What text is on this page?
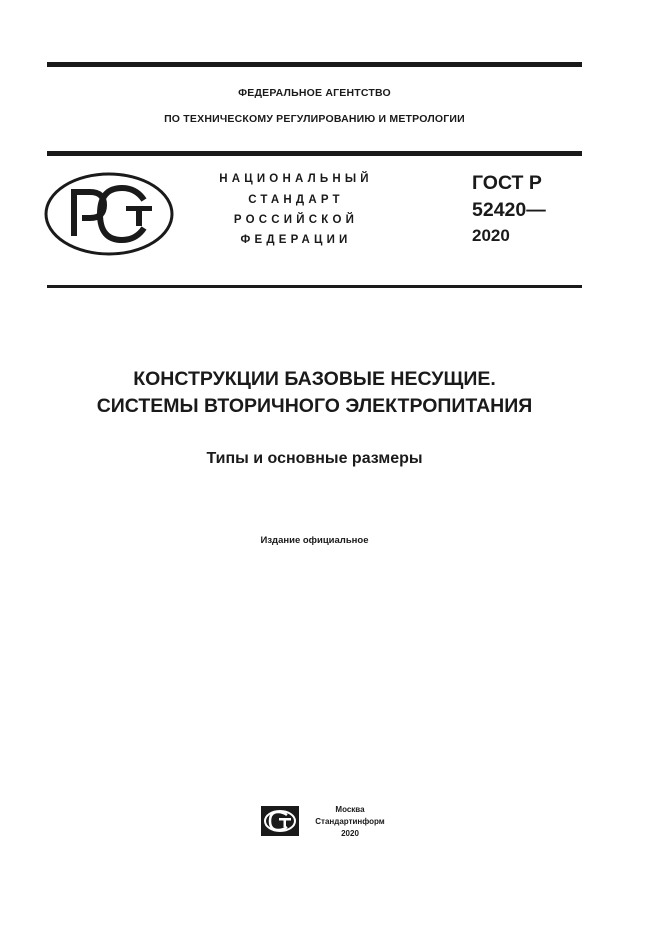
ФЕДЕРАЛЬНОЕ АГЕНТСТВО
ПО ТЕХНИЧЕСКОМУ РЕГУЛИРОВАНИЮ И МЕТРОЛОГИИ
НАЦИОНАЛЬНЫЙ
СТАНДАРТ
РОССИЙСКОЙ
ФЕДЕРАЦИИ
ГОСТ Р
52420—
2020
КОНСТРУКЦИИ БАЗОВЫЕ НЕСУЩИЕ.
СИСТЕМЫ ВТОРИЧНОГО ЭЛЕКТРОПИТАНИЯ
Типы и основные размеры
Издание официальное
Москва
Стандартинформ
2020
